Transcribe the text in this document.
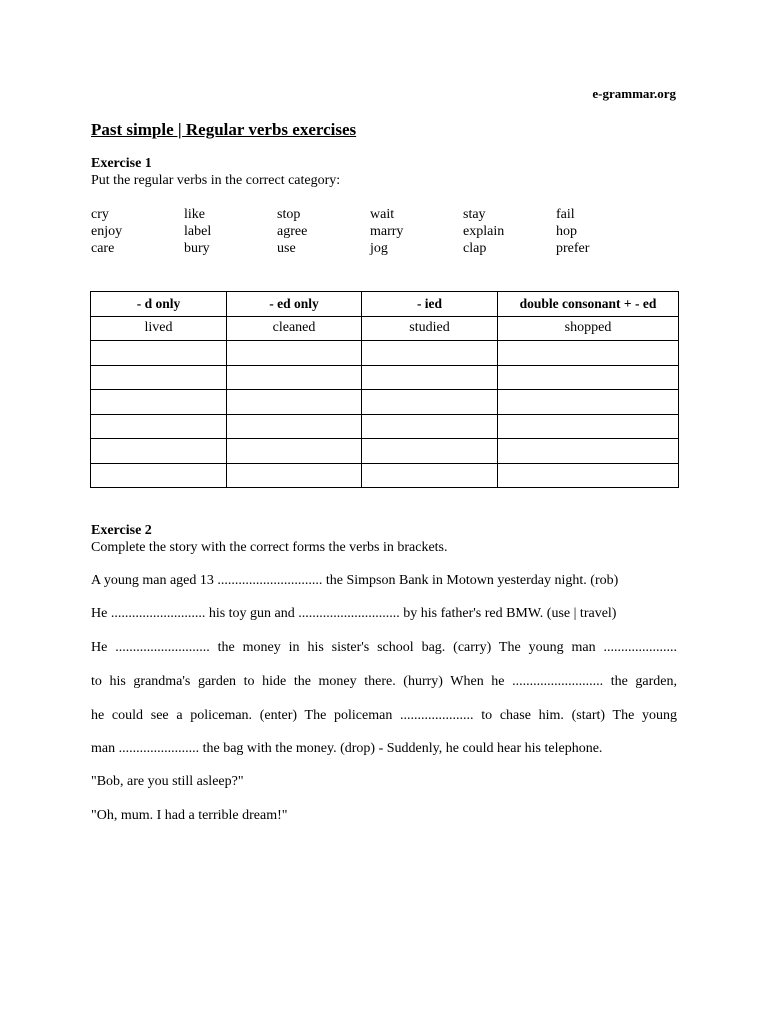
e-grammar.org
Past simple | Regular verbs exercises
Exercise 1
Put the regular verbs in the correct category:
cry	like	stop	wait	stay	fail
enjoy	label	agree	marry	explain	hop
care	bury	use	jog	clap	prefer
- d only	- ed only	- ied	double consonant + - ed
lived	cleaned	studied	shopped

Exercise 2
Complete the story with the correct forms the verbs in brackets.
A young man aged 13 .............................. the Simpson Bank in Motown yesterday night. (rob)
He ........................... his toy gun and ............................. by his father's red BMW. (use | travel)
He ........................... the money in his sister's school bag. (carry) The young man .....................
to his grandma's garden to hide the money there. (hurry) When he .......................... the garden,
he could see a policeman. (enter) The policeman ..................... to chase him. (start) The young
man ....................... the bag with the money. (drop) - Suddenly, he could hear his telephone.
"Bob, are you still asleep?"
"Oh, mum. I had a terrible dream!"
